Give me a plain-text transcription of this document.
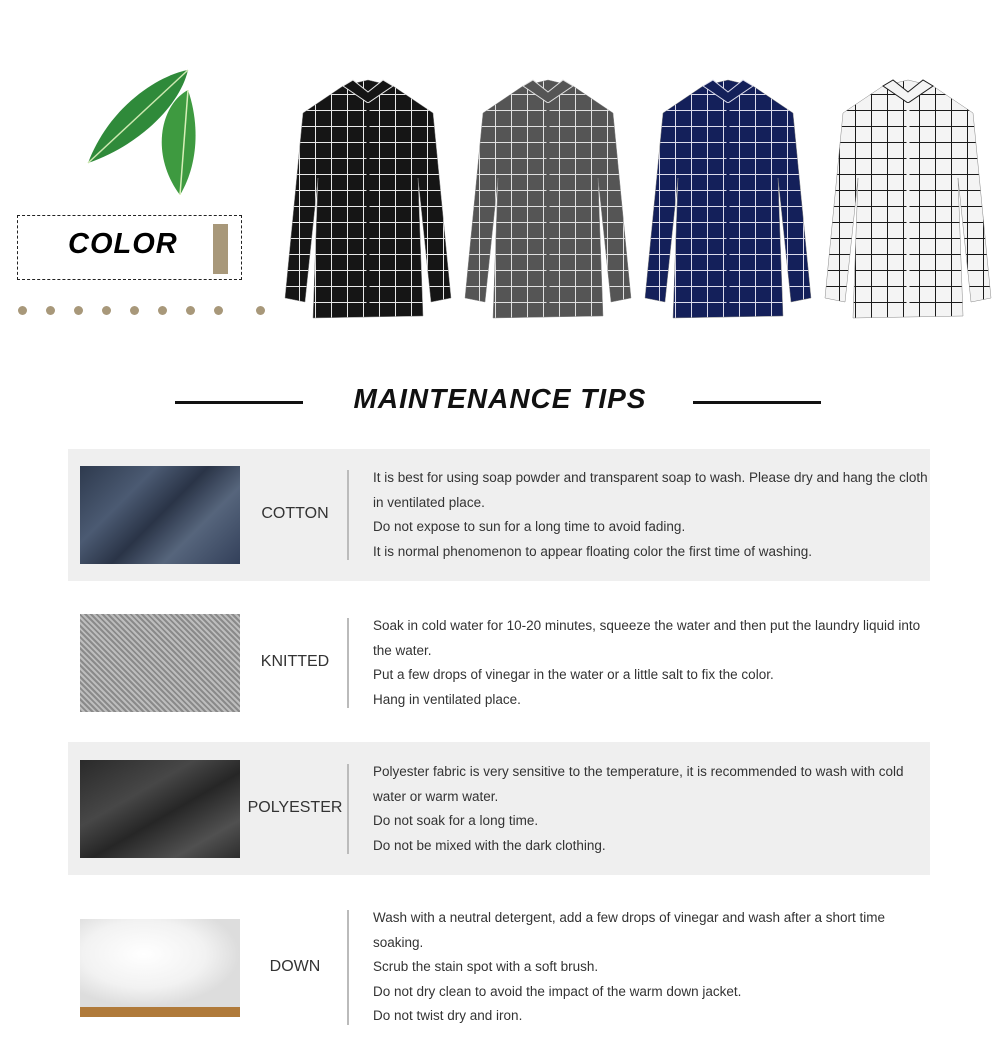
COLOR
MAINTENANCE TIPS
COTTON
It is best for using soap powder and transparent soap to wash. Please dry and hang the cloth in ventilated place.
Do not expose to sun for a long time to avoid fading.
It is normal phenomenon to appear floating color the first time of washing.
KNITTED
Soak in cold water for 10-20 minutes, squeeze the water and then put the laundry liquid into the water.
Put a few drops of vinegar in the water or a little salt to fix the color.
Hang in ventilated place.
POLYESTER
Polyester fabric is very sensitive to the temperature, it is recommended to wash with cold water or warm water.
Do not soak for a long time.
Do not be mixed with the dark clothing.
DOWN
Wash with a neutral detergent, add a few drops of vinegar and wash after a short time soaking.
Scrub the stain spot with a soft brush.
Do not dry clean to avoid the impact of the warm down jacket.
Do not twist dry and iron.
